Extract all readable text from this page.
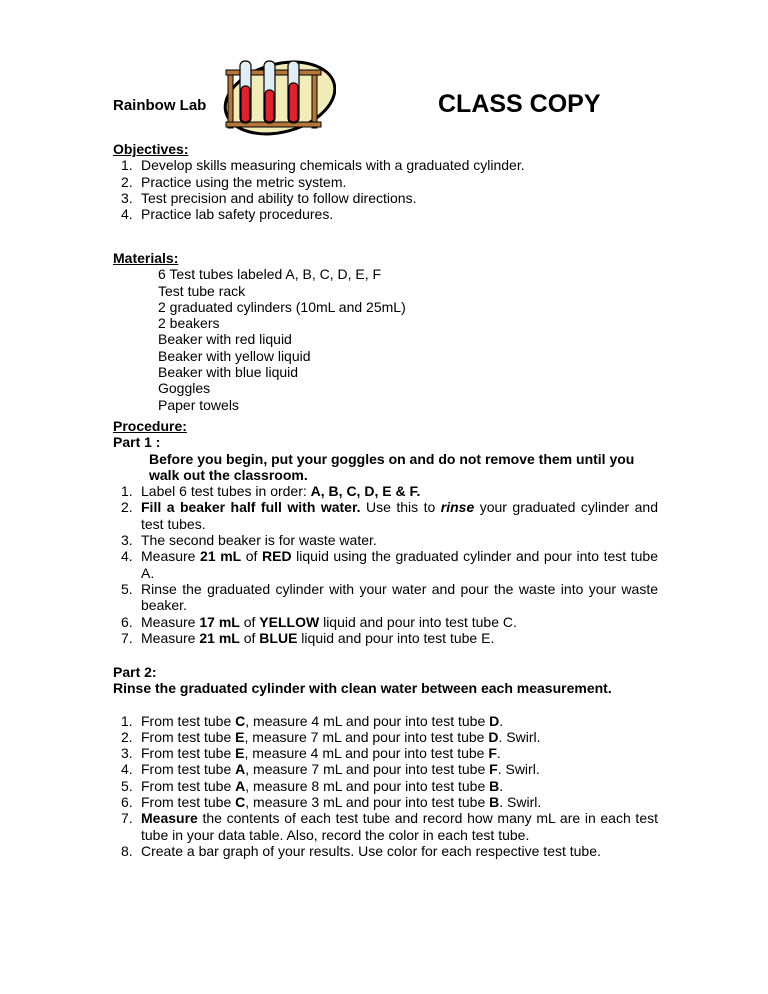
Rainbow Lab	CLASS COPY
Objectives:
1. Develop skills measuring chemicals with a graduated cylinder.
2. Practice using the metric system.
3. Test precision and ability to follow directions.
4. Practice lab safety procedures.
Materials:
6 Test tubes labeled A, B, C, D, E, F
Test tube rack
2 graduated cylinders (10mL and 25mL)
2 beakers
Beaker with red liquid
Beaker with yellow liquid
Beaker with blue liquid
Goggles
Paper towels
Procedure:
Part 1 :
Before you begin, put your goggles on and do not remove them until you walk out the classroom.
1. Label 6 test tubes in order: A, B, C, D, E & F.
2. Fill a beaker half full with water. Use this to rinse your graduated cylinder and test tubes.
3. The second beaker is for waste water.
4. Measure 21 mL of RED liquid using the graduated cylinder and pour into test tube A.
5. Rinse the graduated cylinder with your water and pour the waste into your waste beaker.
6. Measure 17 mL of YELLOW liquid and pour into test tube C.
7. Measure 21 mL of BLUE liquid and pour into test tube E.
Part 2:
Rinse the graduated cylinder with clean water between each measurement.
1. From test tube C, measure 4 mL and pour into test tube D.
2. From test tube E, measure 7 mL and pour into test tube D. Swirl.
3. From test tube E, measure 4 mL and pour into test tube F.
4. From test tube A, measure 7 mL and pour into test tube F. Swirl.
5. From test tube A, measure 8 mL and pour into test tube B.
6. From test tube C, measure 3 mL and pour into test tube B. Swirl.
7. Measure the contents of each test tube and record how many mL are in each test tube in your data table. Also, record the color in each test tube.
8. Create a bar graph of your results. Use color for each respective test tube.
